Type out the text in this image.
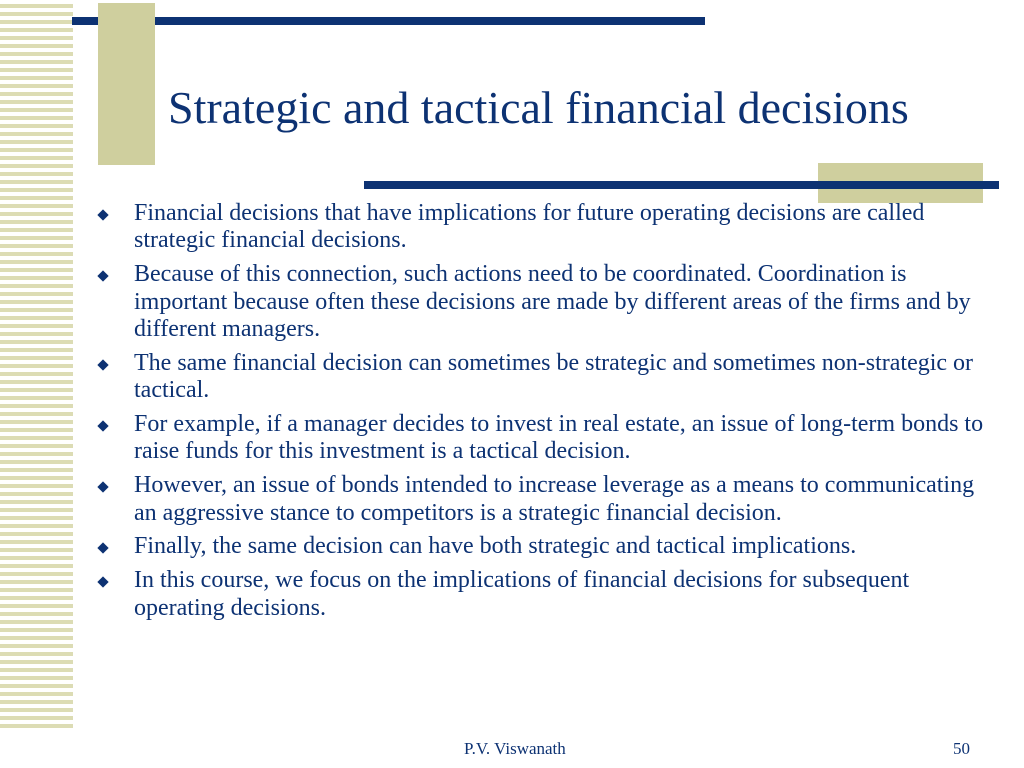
Strategic and tactical financial decisions
Financial decisions that have implications for future operating decisions are called strategic financial decisions.
Because of this connection, such actions need to be coordinated. Coordination is important because often these decisions are made by different areas of the firms and by different managers.
The same financial decision can sometimes be strategic and sometimes non-strategic or tactical.
For example, if a manager decides to invest in real estate, an issue of long-term bonds to raise funds for this investment is a tactical decision.
However, an issue of bonds intended to increase leverage as a means to communicating an aggressive stance to competitors is a strategic financial decision.
Finally, the same decision can have both strategic and tactical implications.
In this course, we focus on the implications of financial decisions for subsequent operating decisions.
P.V. Viswanath	50
